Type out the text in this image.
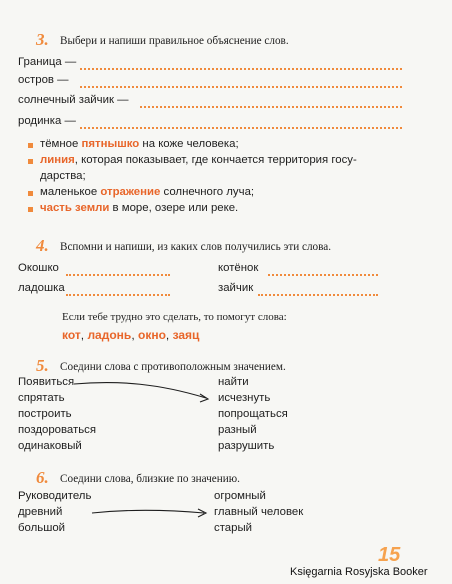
3. Выбери и напиши правильное объяснение слов.
Граница —
остров —
солнечный зайчик —
родинка —
тёмное пятнышко на коже человека;
линия, которая показывает, где кончается территория госу-
дарства;
маленькое отражение солнечного луча;
часть земли в море, озере или реке.
4. Вспомни и напиши, из каких слов получились эти слова.
Окошко	котёнок
ладошка	зайчик
Если тебе трудно это сделать, то помогут слова:
кот, ладонь, окно, заяц
5. Соедини слова с противоположным значением.
Появиться
спрятать
построить
поздороваться
одинаковый
найти
исчезнуть
попрощаться
разный
разрушить
6. Соедини слова, близкие по значению.
Руководитель
древний
большой
огромный
главный человек
старый
15
Księgarnia Rosyjska Booker
